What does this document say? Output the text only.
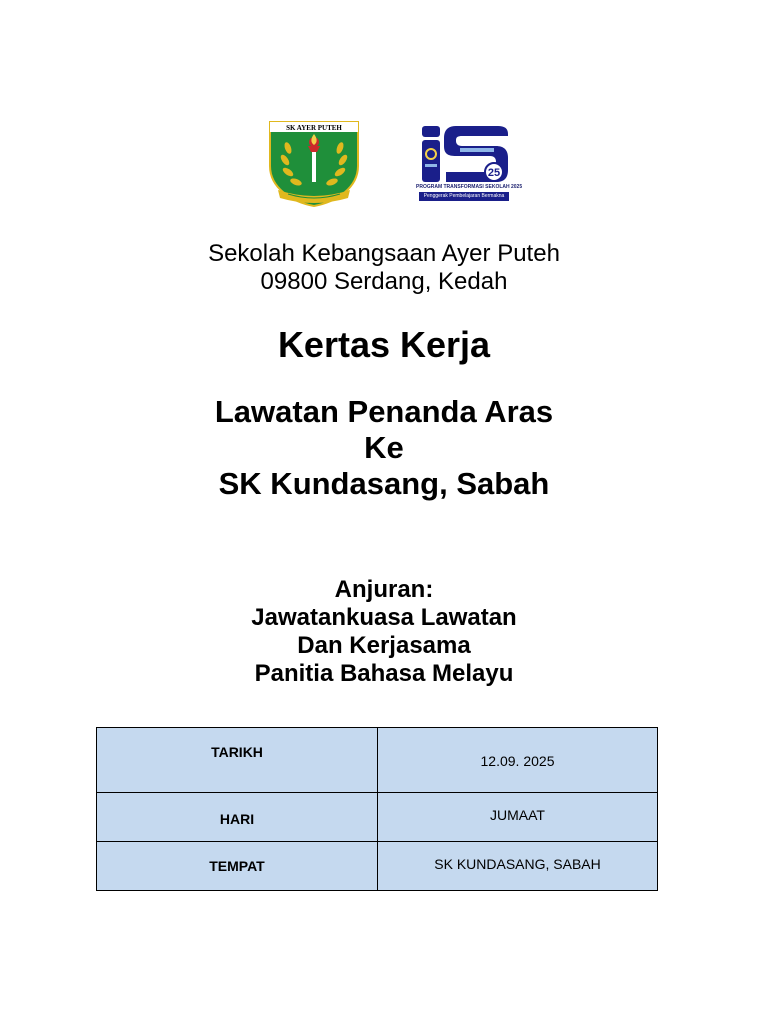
SK AYER PUTEH
25
PROGRAM TRANSFORMASI SEKOLAH 2025
Penggerak Pembelajaran Bermakna
Sekolah Kebangsaan Ayer Puteh
09800 Serdang, Kedah
Kertas Kerja
Lawatan Penanda Aras
Ke
SK Kundasang, Sabah
Anjuran:
Jawatankuasa Lawatan
Dan Kerjasama
Panitia Bahasa Melayu
TARIKH	12.09. 2025
HARI	JUMAAT
TEMPAT	SK KUNDASANG, SABAH
